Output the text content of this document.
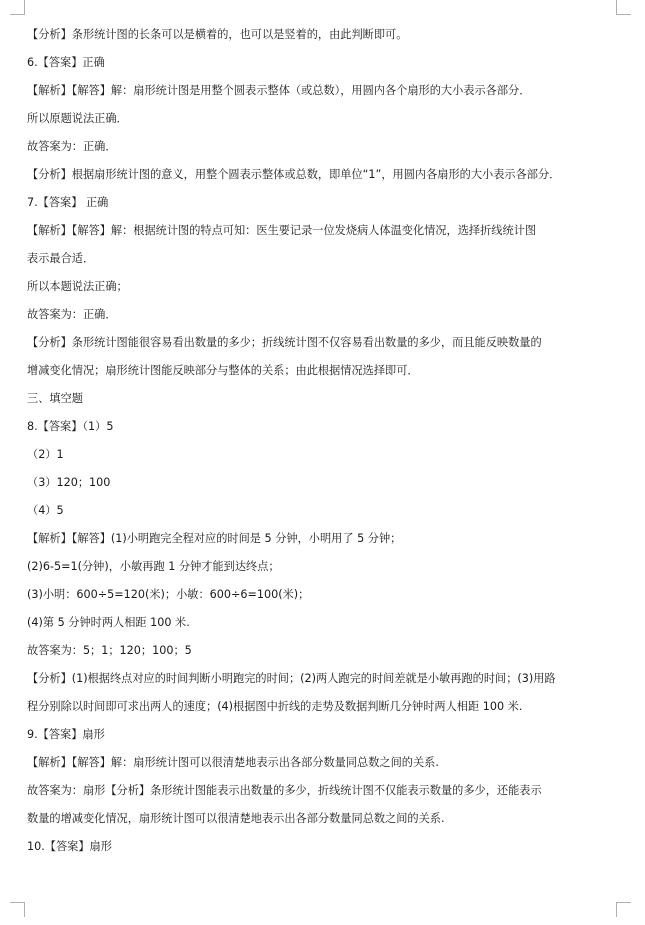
【分析】条形统计图的长条可以是横着的，也可以是竖着的，由此判断即可。
6.【答案】正确
【解析】【解答】解：扇形统计图是用整个圆表示整体（或总数），用圆内各个扇形的大小表示各部分．
所以原题说法正确．
故答案为：正确．
【分析】根据扇形统计图的意义，用整个圆表示整体或总数，即单位“1”，用圆内各扇形的大小表示各部分．
7.【答案】 正确
【解析】【解答】解：根据统计图的特点可知：医生要记录一位发烧病人体温变化情况，选择折线统计图
表示最合适．
所以本题说法正确；
故答案为：正确．
【分析】条形统计图能很容易看出数量的多少；折线统计图不仅容易看出数量的多少，而且能反映数量的
增减变化情况；扇形统计图能反映部分与整体的关系；由此根据情况选择即可．
三、填空题
8.【答案】（1）5
（2）1
（3）120；100
（4）5
【解析】【解答】(1)小明跑完全程对应的时间是 5 分钟，小明用了 5 分钟；
(2)6-5=1(分钟)，小敏再跑 1 分钟才能到达终点；
(3)小明：600÷5=120(米)；小敏：600÷6=100(米)；
(4)第 5 分钟时两人相距 100 米.
故答案为：5；1；120；100；5
【分析】(1)根据终点对应的时间判断小明跑完的时间；(2)两人跑完的时间差就是小敏再跑的时间；(3)用路
程分别除以时间即可求出两人的速度；(4)根据图中折线的走势及数据判断几分钟时两人相距 100 米.
9.【答案】扇形
【解析】【解答】解：扇形统计图可以很清楚地表示出各部分数量同总数之间的关系.
故答案为：扇形【分析】条形统计图能表示出数量的多少，折线统计图不仅能表示数量的多少，还能表示
数量的增减变化情况，扇形统计图可以很清楚地表示出各部分数量同总数之间的关系.
10.【答案】扇形
